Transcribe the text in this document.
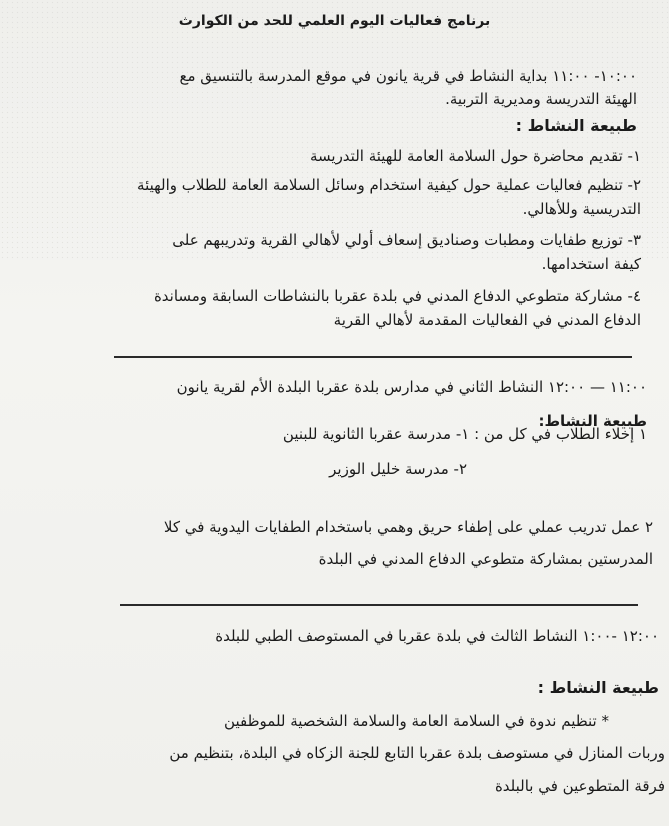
برنامج فعاليات اليوم العلمي للحد من الكوارث
١٠:٠٠- ١١:٠٠ بداية النشاط في قرية يانون في موقع المدرسة بالتنسيق مع
الهيئة التدريسة ومديرية التربية.
طبيعة النشاط :
١- تقديم محاضرة حول السلامة العامة للهيئة التدريسة
٢- تنظيم فعاليات عملية حول كيفية استخدام وسائل السلامة العامة للطلاب والهيئة
التدريسية وللأهالي.
٣- توزيع طفايات ومطبات وصناديق إسعاف أولي لأهالي القرية وتدريبهم على
كيفة استخدامها.
٤- مشاركة متطوعي الدفاع المدني في بلدة عقربا بالنشاطات السابقة ومساندة
الدفاع المدني في الفعاليات المقدمة لأهالي القرية
١١:٠٠ — ١٢:٠٠ النشاط الثاني في مدارس بلدة عقربا البلدة الأم لقرية يانون
طبيعة النشاط:
١ إخلاء الطلاب في كل من : ١- مدرسة عقربا الثانوية للبنين
٢- مدرسة خليل الوزير
٢ عمل تدريب عملي على إطفاء حريق وهمي باستخدام الطفايات اليدوية في كلا
المدرستين بمشاركة متطوعي الدفاع المدني في البلدة
١٢:٠٠ -١:٠٠ النشاط الثالث في بلدة عقربا في المستوصف الطبي للبلدة
طبيعة النشاط :
* تنظيم ندوة في السلامة العامة والسلامة الشخصية للموظفين
وربات المنازل في مستوصف بلدة عقربا التابع للجنة الزكاه في البلدة، بتنظيم من
فرقة المتطوعين في بالبلدة
